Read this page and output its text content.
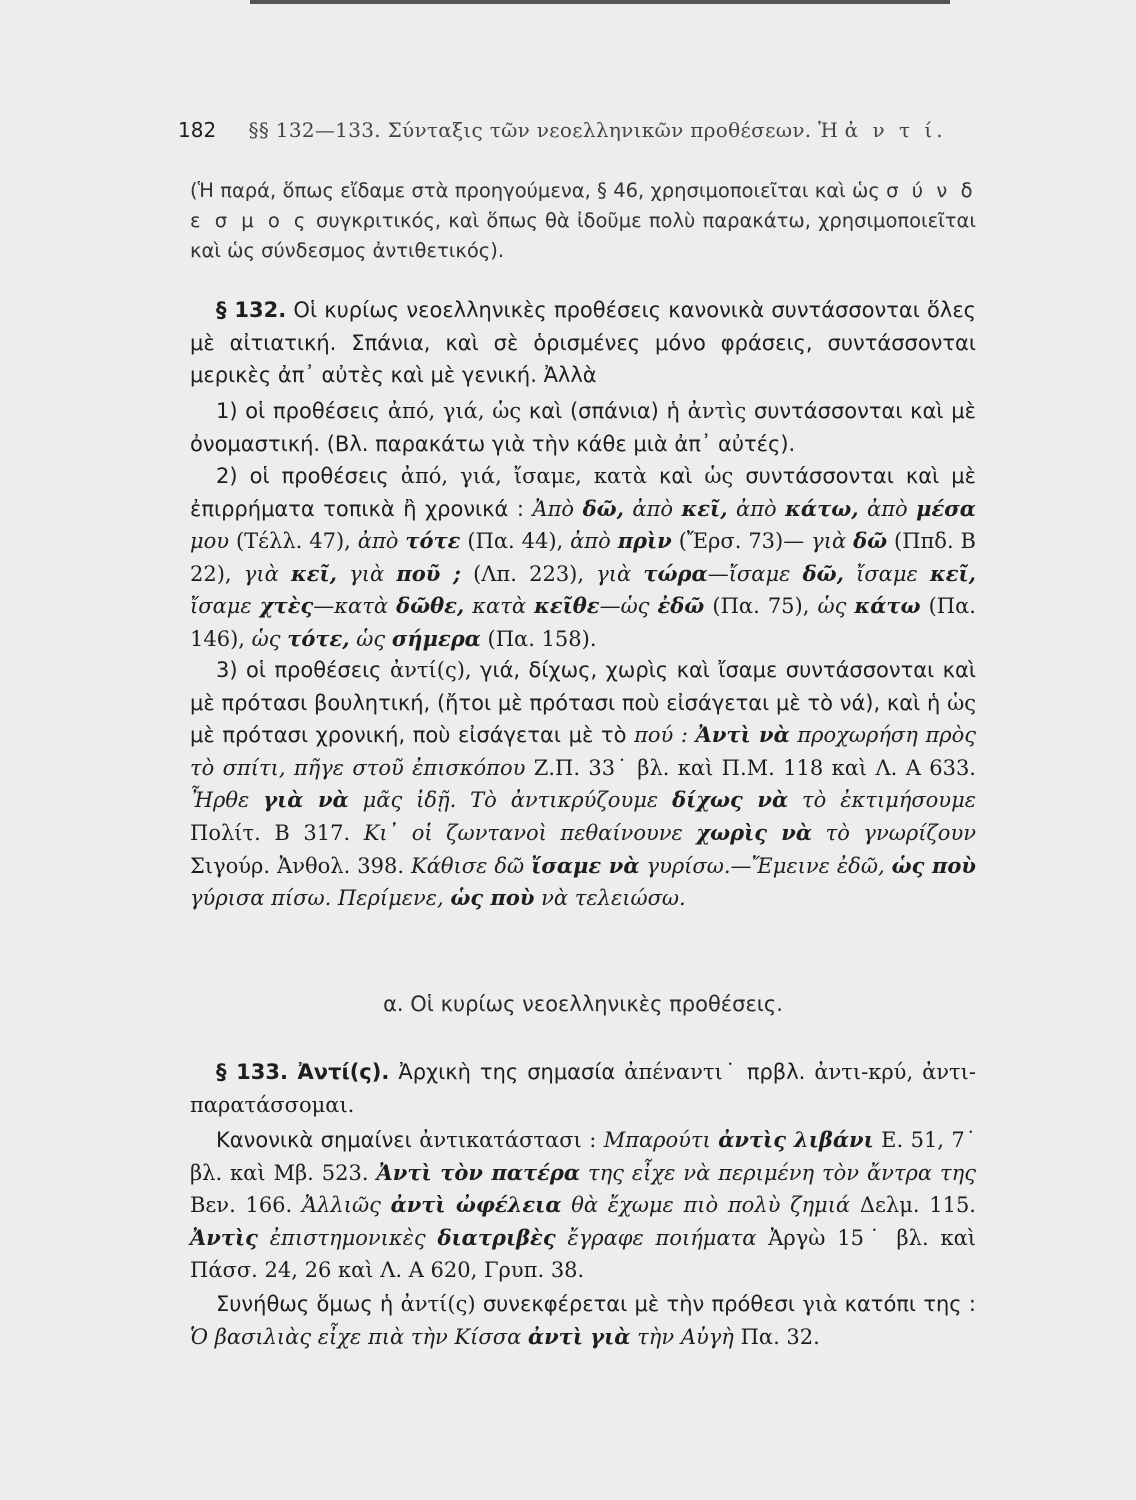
182 §§ 132—133. Σύνταξις τῶν νεοελληνικῶν προθέσεων. Ἡ ἀ ν τ ί.

(Ἡ παρά, ὅπως εἴδαμε στὰ προηγούμενα, § 46, χρησιμοποιεῖται καὶ ὡς σ ύ ν δ ε σ μ ο ς συγκριτικός, καὶ ὅπως θὰ ἰδοῦμε πολὺ παρακάτω, χρησιμοποιεῖται καὶ ὡς σύνδεσμος ἀντιθετικός).

§ 132. Οἱ κυρίως νεοελληνικὲς προθέσεις κανονικὰ συντάσσονται ὅλες μὲ αἰτιατική. Σπάνια, καὶ σὲ ὁρισμένες μόνο φράσεις, συντάσσονται μερικὲς ἀπ᾽ αὐτὲς καὶ μὲ γενική. Ἀλλὰ

1) οἱ προθέσεις ἀπό, γιά, ὡς καὶ (σπάνια) ἡ ἀντὶς συντάσσονται καὶ μὲ ὀνομαστική. (Βλ. παρακάτω γιὰ τὴν κάθε μιὰ ἀπ᾽ αὐτές).

2) οἱ προθέσεις ἀπό, γιά, ἴσαμε, κατὰ καὶ ὡς συντάσσονται καὶ μὲ ἐπιρρήματα τοπικὰ ἢ χρονικά : Ἀπὸ δῶ, ἀπὸ κεῖ, ἀπὸ κάτω, ἀπὸ μέσα μου (Τέλλ. 47), ἀπὸ τότε (Πα. 44), ἀπὸ πρὶν (Ἔρσ. 73)— γιὰ δῶ (Ππδ. Β 22), γιὰ κεῖ, γιὰ ποῦ ; (Λπ. 223), γιὰ τώρα—ἴσαμε δῶ, ἴσαμε κεῖ, ἴσαμε χτὲς—κατὰ δῶθε, κατὰ κεῖθε—ὡς ἐδῶ (Πα. 75), ὡς κάτω (Πα. 146), ὡς τότε, ὡς σήμερα (Πα. 158).

3) οἱ προθέσεις ἀντί(ς), γιά, δίχως, χωρὶς καὶ ἴσαμε συντάσσονται καὶ μὲ πρότασι βουλητική, (ἤτοι μὲ πρότασι ποὺ εἰσάγεται μὲ τὸ νά), καὶ ἡ ὡς μὲ πρότασι χρονική, ποὺ εἰσάγεται μὲ τὸ πού : Ἀντὶ νὰ προχωρήση πρὸς τὸ σπίτι, πῆγε στοῦ ἐπισκόπου Ζ.Π. 33˙ βλ. καὶ Π.Μ. 118 καὶ Λ. Α 633. Ἦρθε γιὰ νὰ μᾶς ἰδῇ. Τὸ ἀντικρύζουμε δίχως νὰ τὸ ἐκτιμήσουμε Πολίτ. Β 317. Κι᾽ οἱ ζωντανοὶ πεθαίνουνε χωρὶς νὰ τὸ γνωρίζουν Σιγούρ. Ἀνθολ. 398. Κάθισε δῶ ἴσαμε νὰ γυρίσω.—Ἔμεινε ἐδῶ, ὡς ποὺ γύρισα πίσω. Περίμενε, ὡς ποὺ νὰ τελειώσω.

α. Οἱ κυρίως νεοελληνικὲς προθέσεις.

§ 133. Ἀντί(ς). Ἀρχικὴ της σημασία ἀπέναντι˙ πρβλ. ἀντι-κρύ, ἀντι-παρατάσσομαι.

Κανονικὰ σημαίνει ἀντικατάστασι : Μπαρούτι ἀντὶς λιβάνι Ε. 51, 7˙ βλ. καὶ Μβ. 523. Ἀντὶ τὸν πατέρα της εἶχε νὰ περιμένη τὸν ἄντρα της Βεν. 166. Ἀλλιῶς ἀντὶ ὠφέλεια θὰ ἔχωμε πιὸ πολὺ ζημιά Δελμ. 115. Ἀντὶς ἐπιστημονικὲς διατριβὲς ἔγραφε ποιήματα Ἀργὼ 15˙ βλ. καὶ Πάσσ. 24, 26 καὶ Λ. Α 620, Γρυπ. 38.

Συνήθως ὅμως ἡ ἀντί(ς) συνεκφέρεται μὲ τὴν πρόθεσι γιὰ κατόπι της : Ὁ βασιλιὰς εἶχε πιὰ τὴν Κίσσα ἀντὶ γιὰ τὴν Αὐγὴ Πα. 32.
